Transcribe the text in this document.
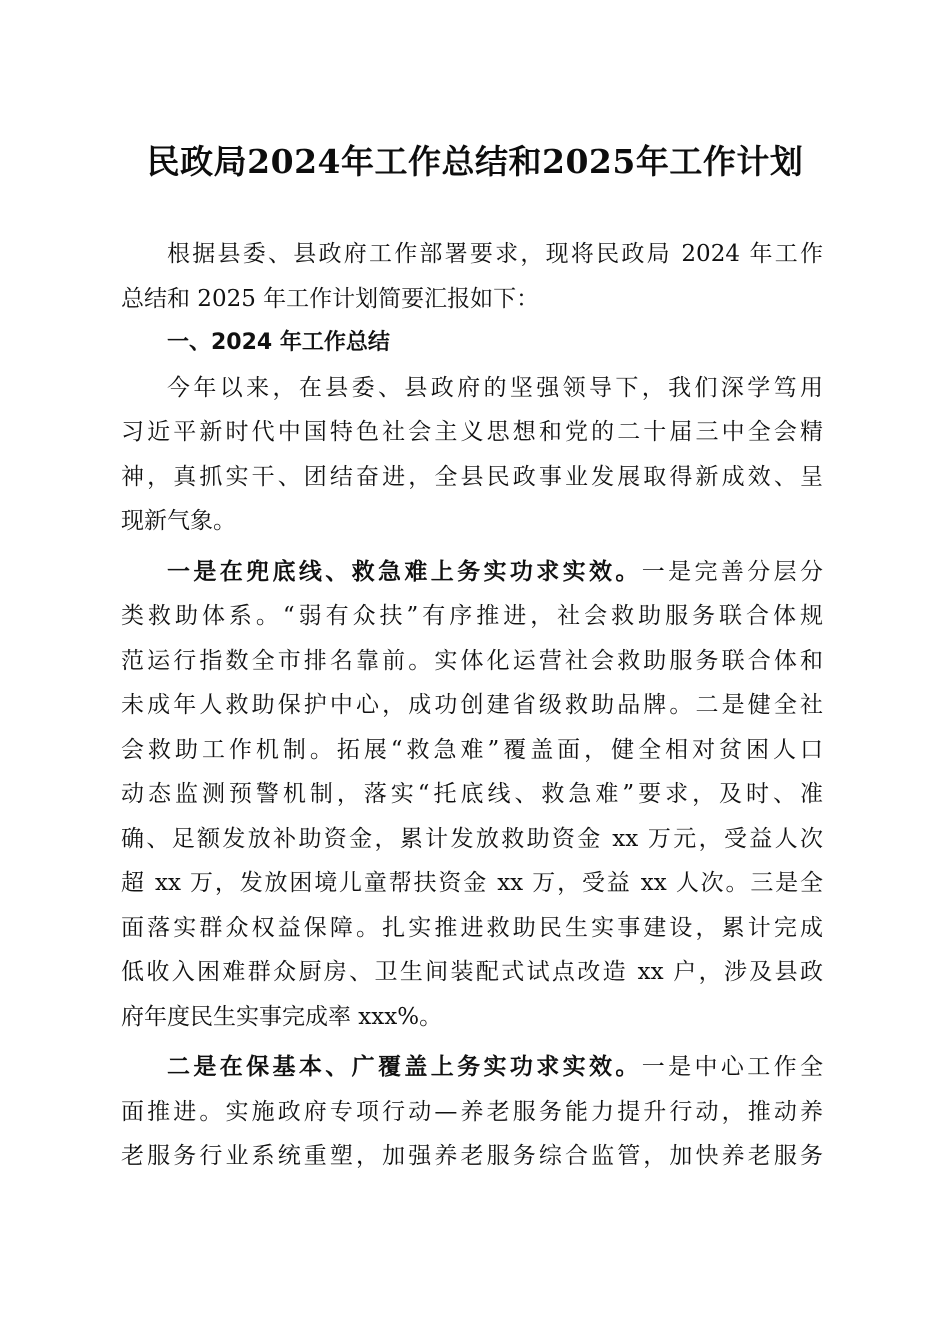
民政局2024年工作总结和2025年工作计划
根据县委、县政府工作部署要求，现将民政局 2024 年工作
总结和 2025 年工作计划简要汇报如下：
一、2024 年工作总结
今年以来，在县委、县政府的坚强领导下，我们深学笃用
习近平新时代中国特色社会主义思想和党的二十届三中全会精
神，真抓实干、团结奋进，全县民政事业发展取得新成效、呈
现新气象。
一是在兜底线、救急难上务实功求实效。一是完善分层分
类救助体系。“弱有众扶”有序推进，社会救助服务联合体规
范运行指数全市排名靠前。实体化运营社会救助服务联合体和
未成年人救助保护中心，成功创建省级救助品牌。二是健全社
会救助工作机制。拓展“救急难”覆盖面，健全相对贫困人口
动态监测预警机制，落实“托底线、救急难”要求，及时、准
确、足额发放补助资金，累计发放救助资金 xx 万元，受益人次
超 xx 万，发放困境儿童帮扶资金 xx 万，受益 xx 人次。三是全
面落实群众权益保障。扎实推进救助民生实事建设，累计完成
低收入困难群众厨房、卫生间装配式试点改造 xx 户，涉及县政
府年度民生实事完成率 xxx%。
二是在保基本、广覆盖上务实功求实效。一是中心工作全
面推进。实施政府专项行动—养老服务能力提升行动，推动养
老服务行业系统重塑，加强养老服务综合监管，加快养老服务
